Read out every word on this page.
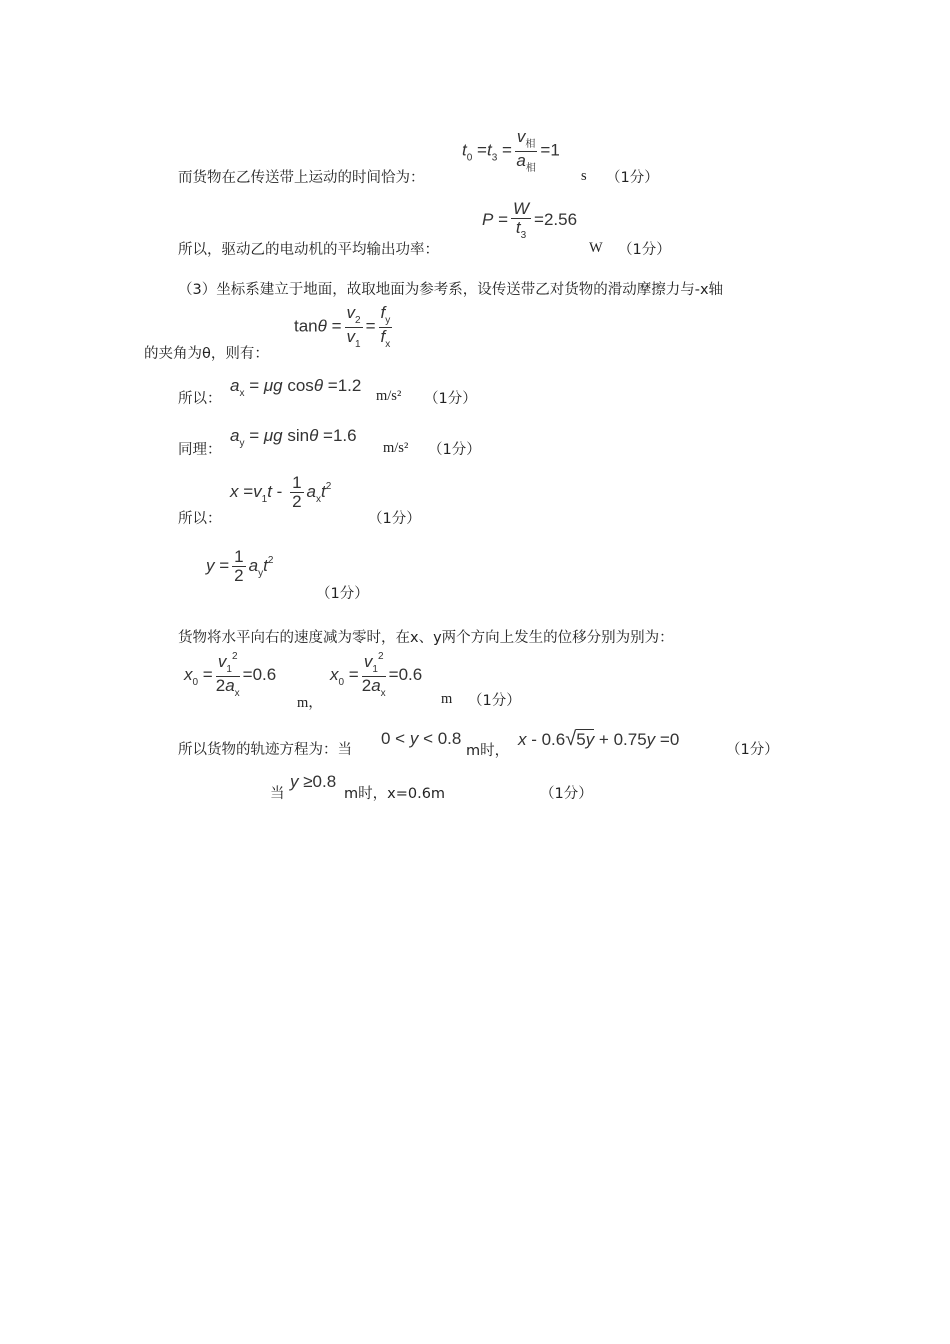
$t_0 =t_3 = \frac{v_相}{a_相} =1$
而货物在乙传送带上运动的时间恰为：	s （1分）
$P = \frac{W}{t_3} =2.56$
所以，驱动乙的电动机的平均输出功率：	W （1分）
（3）坐标系建立于地面，故取地面为参考系，设传送带乙对货物的滑动摩擦力与-x轴
$\tan\theta = \frac{v_2}{v_1} = \frac{f_y}{f_x}$
的夹角为θ，则有：
所以：
$a_x = \mu g$ cosθ =1.2
m/s² （1分）
同理：
$a_y = \mu g$ sinθ =1.6
m/s² （1分）
所以：
$x =v_1t - \frac{1}{2} a_xt^2$
（1分）
$y = \frac{1}{2} a_yt^2$
（1分）
货物将水平向右的速度减为零时，在x、y两个方向上发生的位移分别为别为：
$x_0 = \frac{v_1^2}{2a_x} =0.6$
m，
$x_0 = \frac{v_1^2}{2a_x} =0.6$
m （1分）
所以货物的轨迹方程为：当
0 < y < 0.8
m时，
x - 0.6√5y + 0.75y =0
（1分）
当
y ≥0.8
m时，x=0.6m	（1分）
